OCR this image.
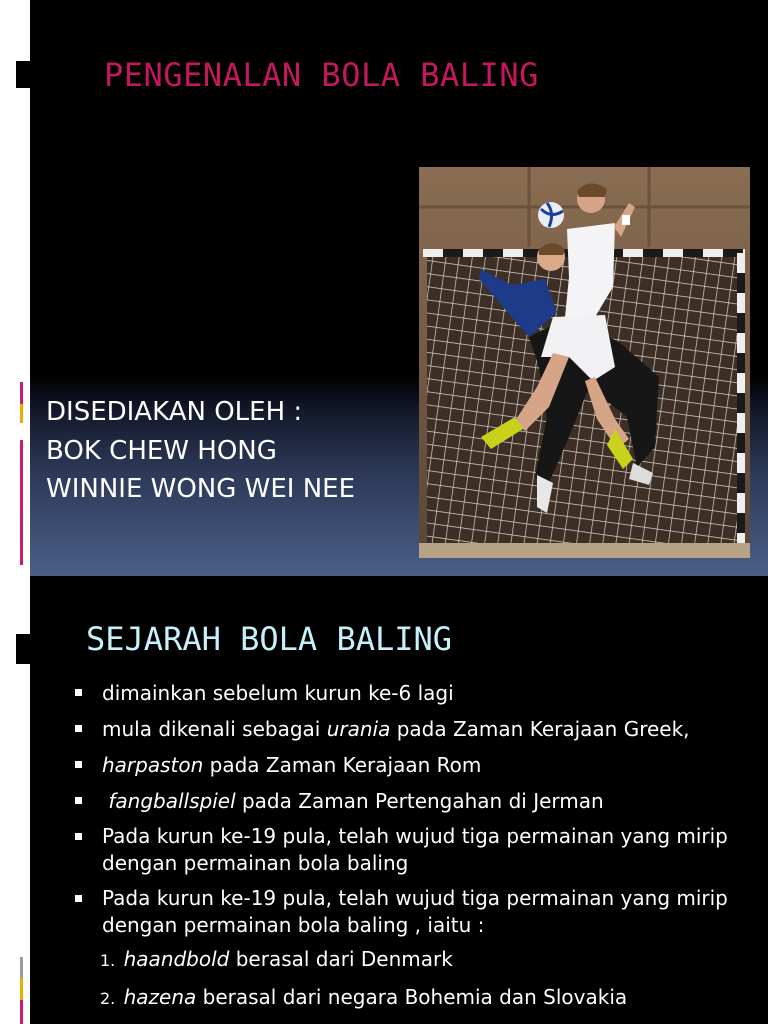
PENGENALAN BOLA BALING
DISEDIAKAN OLEH :
BOK CHEW HONG
WINNIE WONG WEI NEE
SEJARAH BOLA BALING
dimainkan sebelum kurun ke-6 lagi
mula dikenali sebagai urania pada Zaman Kerajaan Greek,
harpaston pada Zaman Kerajaan Rom
fangballspiel pada Zaman Pertengahan di Jerman
Pada kurun ke-19 pula, telah wujud tiga permainan yang mirip dengan permainan bola baling
Pada kurun ke-19 pula, telah wujud tiga permainan yang mirip dengan permainan bola baling , iaitu :
1. haandbold berasal dari Denmark
2. hazena berasal dari negara Bohemia dan Slovakia
